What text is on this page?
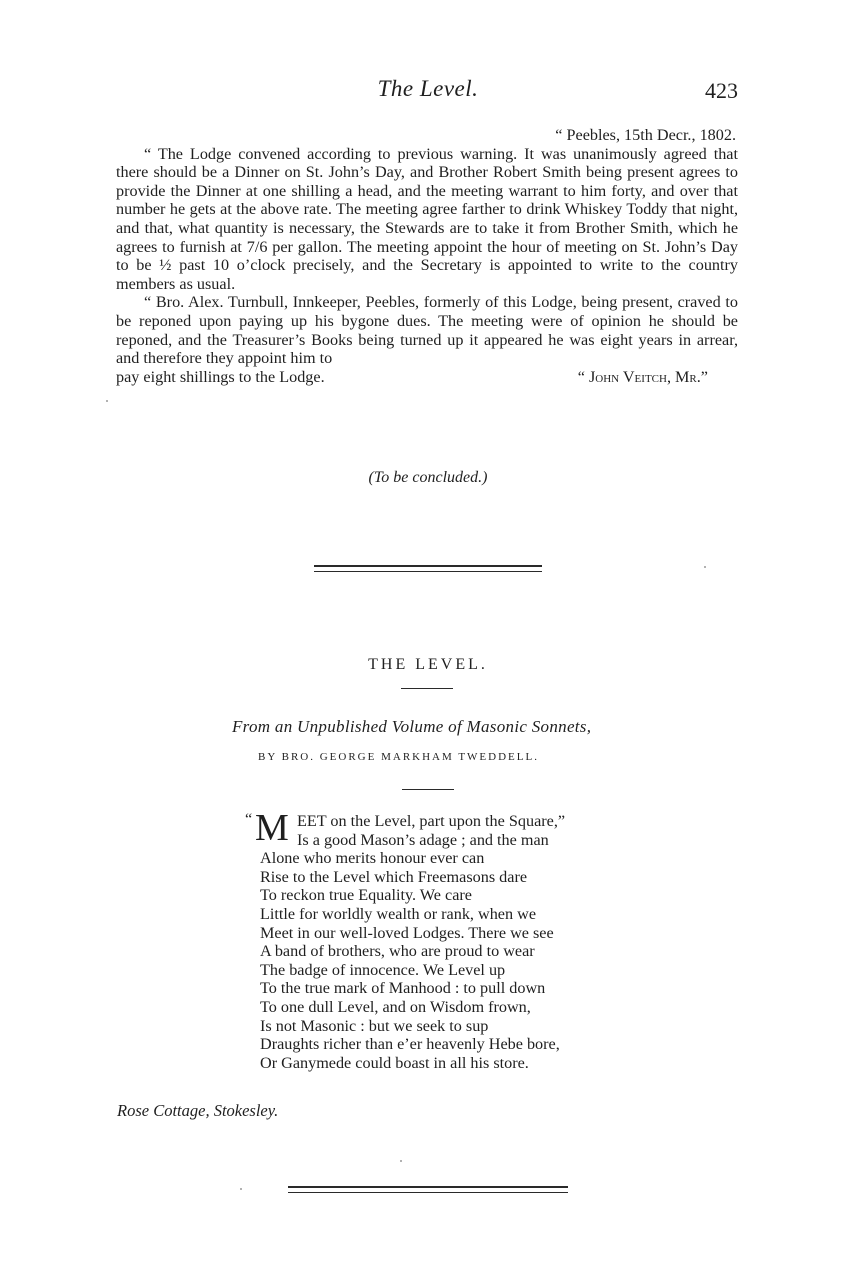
The Level.	423

“ Peebles, 15th Decr., 1802.

“ The Lodge convened according to previous warning. It was unanimously agreed that there should be a Dinner on St. John’s Day, and Brother Robert Smith being present agrees to provide the Dinner at one shilling a head, and the meeting warrant to him forty, and over that number he gets at the above rate. The meeting agree farther to drink Whiskey Toddy that night, and that, what quantity is necessary, the Stewards are to take it from Brother Smith, which he agrees to furnish at 7/6 per gallon. The meeting appoint the hour of meeting on St. John’s Day to be ½ past 10 o’clock precisely, and the Secretary is appointed to write to the country members as usual.

“ Bro. Alex. Turnbull, Innkeeper, Peebles, formerly of this Lodge, being present, craved to be reponed upon paying up his bygone dues. The meeting were of opinion he should be reponed, and the Treasurer’s Books being turned up it appeared he was eight years in arrear, and therefore they appoint him to

pay eight shillings to the Lodge.	“ John Veitch, Mr.”
(To be concluded.)
THE LEVEL.
From an Unpublished Volume of Masonic Sonnets,
BY BRO. GEORGE MARKHAM TWEDDELL.
“ M EET on the Level, part upon the Square,”
Is a good Mason’s adage ; and the man
Alone who merits honour ever can
Rise to the Level which Freemasons dare
To reckon true Equality. We care
Little for worldly wealth or rank, when we
Meet in our well-loved Lodges. There we see
A band of brothers, who are proud to wear
The badge of innocence. We Level up
To the true mark of Manhood : to pull down
To one dull Level, and on Wisdom frown,
Is not Masonic : but we seek to sup
Draughts richer than e’er heavenly Hebe bore,
Or Ganymede could boast in all his store.
Rose Cottage, Stokesley.
